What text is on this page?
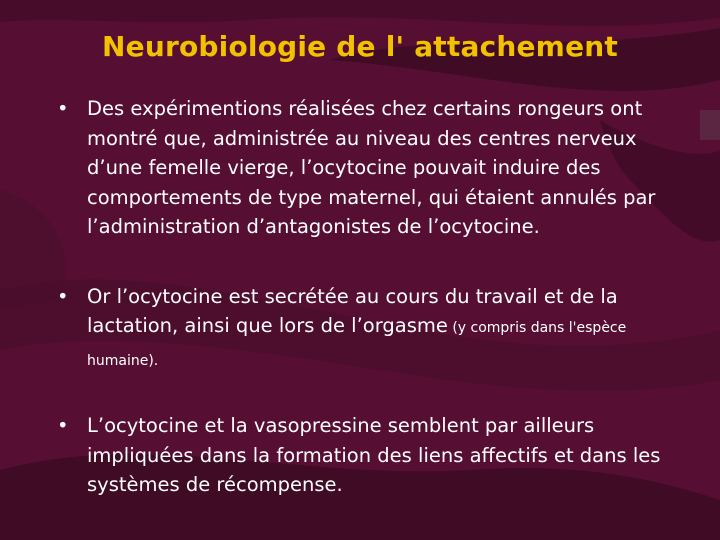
Neurobiologie de l' attachement
• Des expérimentions réalisées chez certains rongeurs ont montré que, administrée au niveau des centres nerveux d’une femelle vierge, l’ocytocine pouvait induire des comportements de type maternel, qui étaient annulés par l’administration d’antagonistes de l’ocytocine.
• Or l’ocytocine est secrétée au cours du travail et de la lactation, ainsi que lors de l’orgasme (y compris dans l'espèce humaine).
• L’ocytocine et la vasopressine semblent par ailleurs impliquées dans la formation des liens affectifs et dans les systèmes de récompense.
